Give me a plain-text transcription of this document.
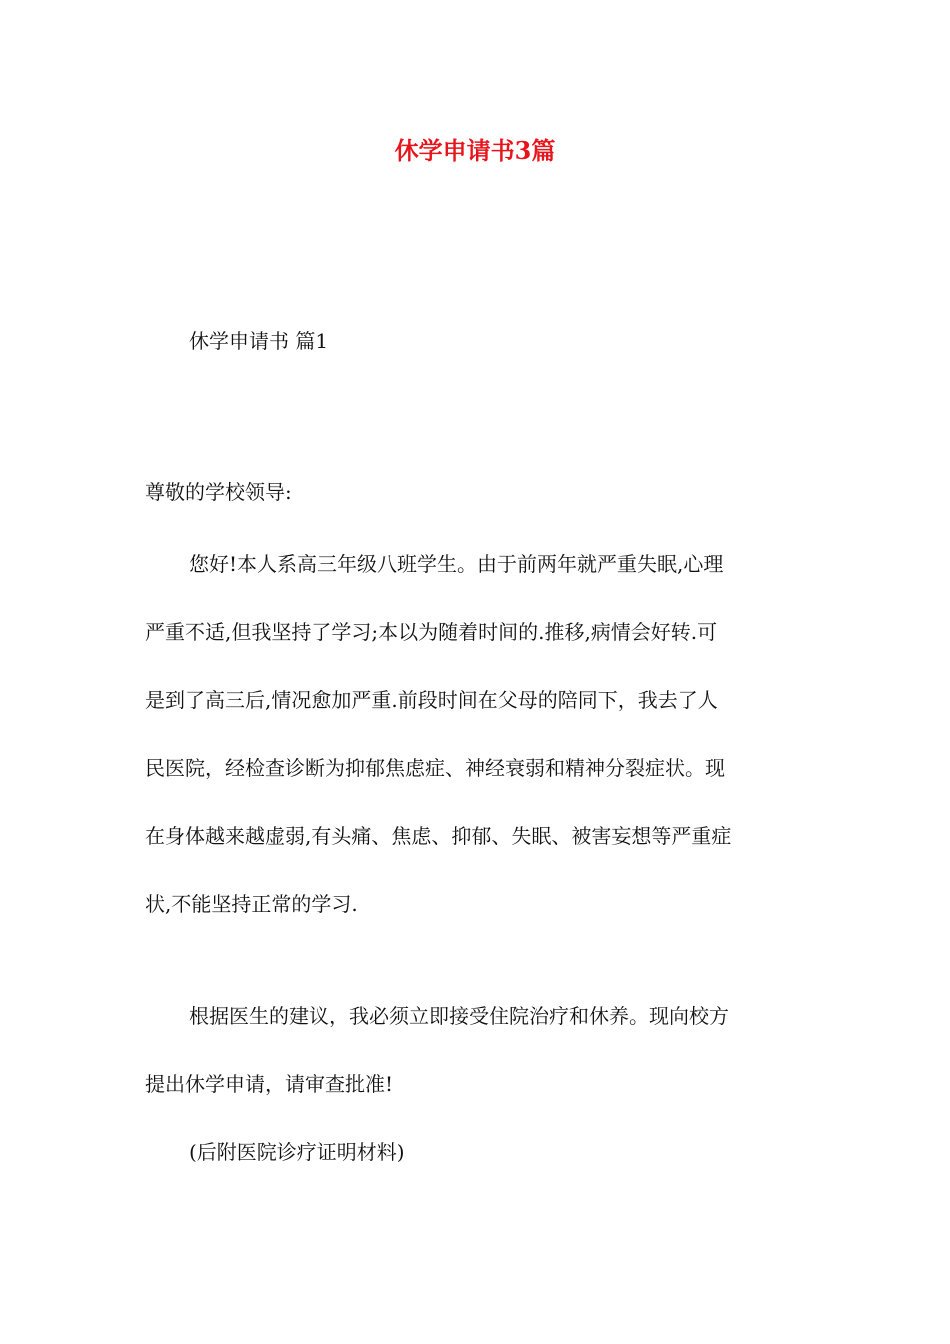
休学申请书3篇
休学申请书 篇1

尊敬的学校领导:

您好!本人系高三年级八班学生。由于前两年就严重失眠,心理
严重不适,但我坚持了学习;本以为随着时间的.推移,病情会好转.可
是到了高三后,情况愈加严重.前段时间在父母的陪同下，我去了人
民医院，经检查诊断为抑郁焦虑症、神经衰弱和精神分裂症状。现
在身体越来越虚弱,有头痛、焦虑、抑郁、失眠、被害妄想等严重症
状,不能坚持正常的学习.
根据医生的建议，我必须立即接受住院治疗和休养。现向校方
提出休学申请，请审查批准!
(后附医院诊疗证明材料)
